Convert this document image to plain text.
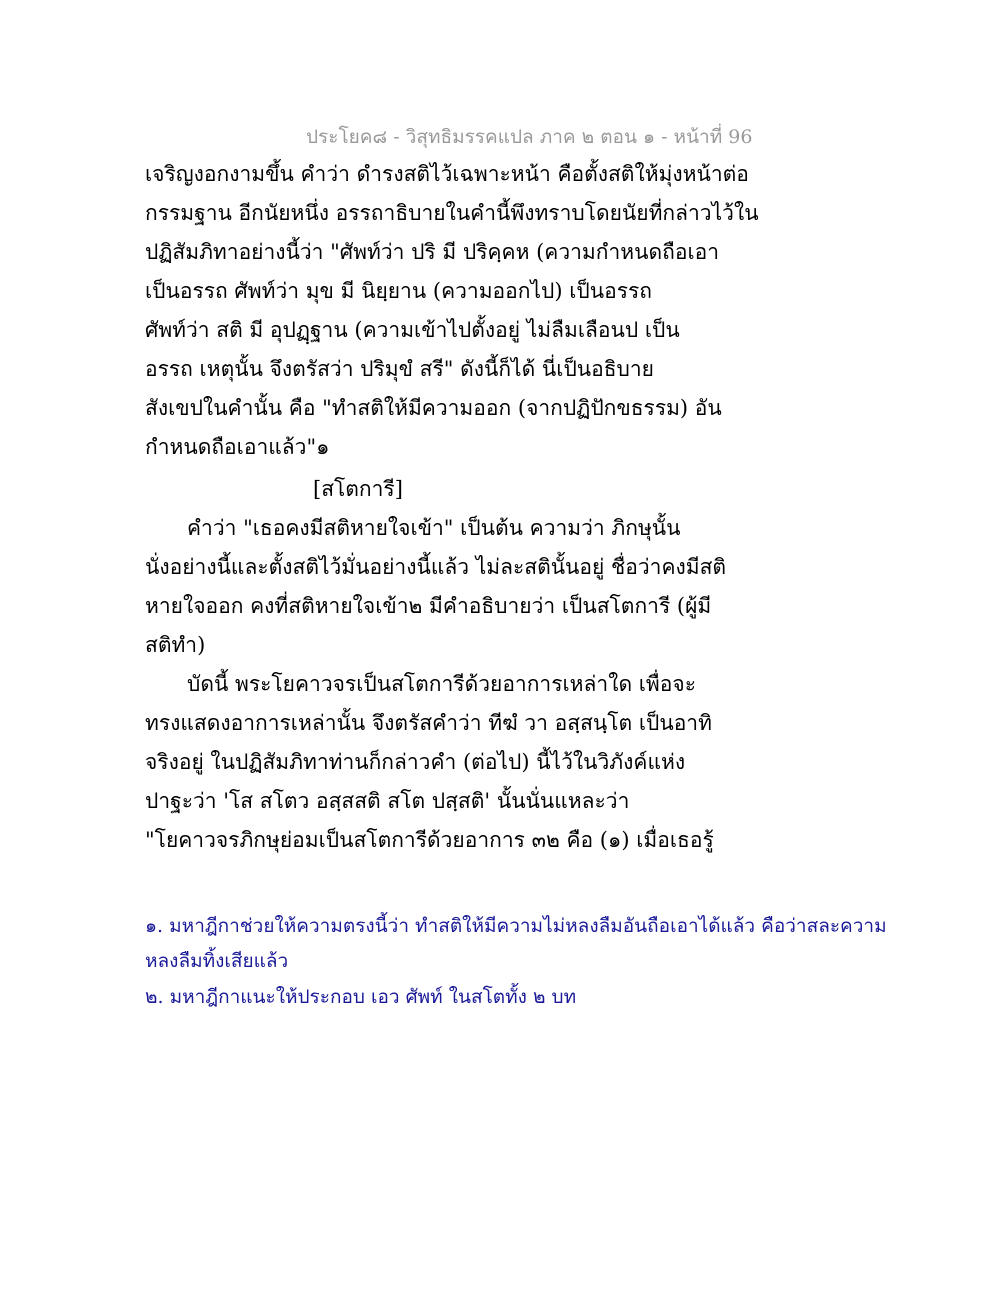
ประโยค๘ - วิสุทธิมรรคแปล ภาค ๒ ตอน ๑ - หน้าที่ 96
เจริญงอกงามขึ้น คำว่า ดำรงสติไว้เฉพาะหน้า คือตั้งสติให้มุ่งหน้าต่อ
กรรมฐาน อีกนัยหนึ่ง อรรถาธิบายในคำนี้พึงทราบโดยนัยที่กล่าวไว้ใน
ปฏิสัมภิทาอย่างนี้ว่า "ศัพท์ว่า ปริ มี ปริคฺคห (ความกำหนดถือเอา
เป็นอรรถ ศัพท์ว่า มุข มี นิยฺยาน (ความออกไป) เป็นอรรถ
ศัพท์ว่า สติ มี อุปฏฺฐาน (ความเข้าไปตั้งอยู่ ไม่ลืมเลือนป เป็น
อรรถ เหตุนั้น จึงตรัสว่า ปริมุขํ สรี" ดังนี้ก็ได้ นี่เป็นอธิบาย
สังเขปในคำนั้น คือ "ทำสติให้มีความออก (จากปฏิปักขธรรม) อัน
กำหนดถือเอาแล้ว"๑
[สโตการี]
คำว่า "เธอคงมีสติหายใจเข้า" เป็นต้น ความว่า ภิกษุนั้น
นั่งอย่างนี้และตั้งสติไว้มั่นอย่างนี้แล้ว ไม่ละสตินั้นอยู่ ชื่อว่าคงมีสติ
หายใจออก คงที่สติหายใจเข้า๒ มีคำอธิบายว่า เป็นสโตการี (ผู้มี
สติทำ)
บัดนี้ พระโยคาวจรเป็นสโตการีด้วยอาการเหล่าใด เพื่อจะ
ทรงแสดงอาการเหล่านั้น จึงตรัสคำว่า ทีฆํ วา อสฺสนฺโต เป็นอาทิ
จริงอยู่ ในปฏิสัมภิทาท่านก็กล่าวคำ (ต่อไป) นี้ไว้ในวิภังค์แห่ง
ปาฐะว่า 'โส สโตว อสฺสสติ สโต ปสฺสติ' นั้นนั่นแหละว่า
"โยคาวจรภิกษุย่อมเป็นสโตการีด้วยอาการ ๓๒ คือ (๑) เมื่อเธอรู้
๑. มหาฎีกาช่วยให้ความตรงนี้ว่า ทำสติให้มีความไม่หลงลืมอันถือเอาได้แล้ว คือว่าสละความ
หลงลืมทิ้งเสียแล้ว
๒. มหาฎีกาแนะให้ประกอบ เอว ศัพท์ ในสโตทั้ง ๒ บท
